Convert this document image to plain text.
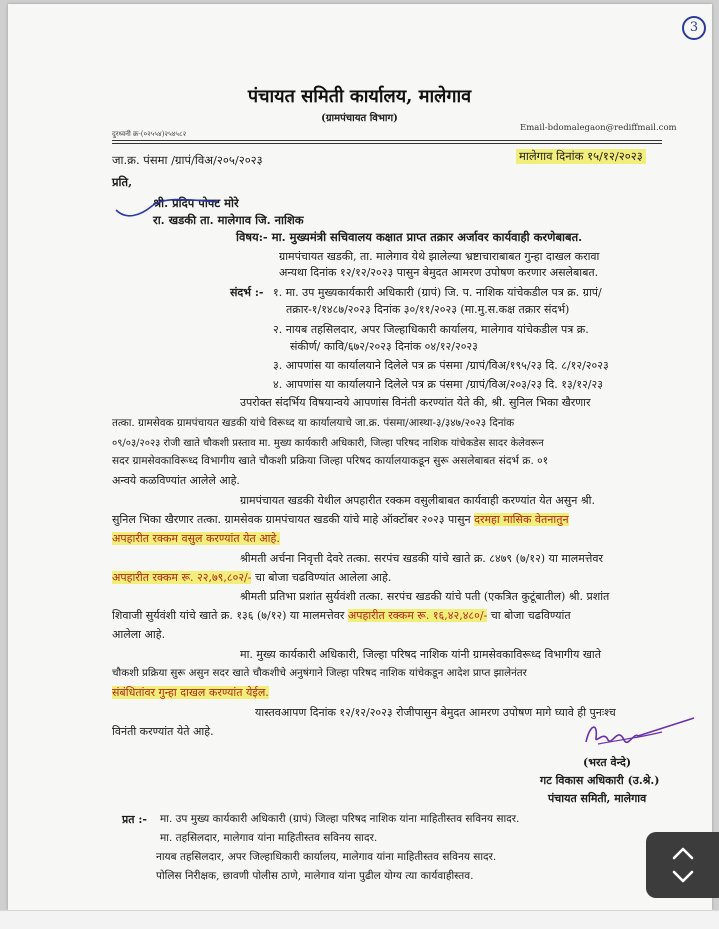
3
पंचायत समिती कार्यालय, मालेगाव
(ग्रामपंचायत विभाग)
दुरध्वनी क्र-(०२५५४)२५४५८२
Email-bdomalegaon@rediffmail.com
जा.क्र. पंसमा /ग्रापं/विअ/२०५/२०२३	मालेगाव दिनांक १५/१२/२०२३
प्रति,
श्री. प्रदिप पोपट मोरे
रा. खडकी ता. मालेगाव जि. नाशिक
विषय:- मा. मुख्यमंत्री सचिवालय कक्षात प्राप्त तक्रार अर्जावर कार्यवाही करणेबाबत.
ग्रामपंचायत खडकी, ता. मालेगाव येथे झालेल्या भ्रष्टाचाराबाबत गुन्हा दाखल करावा
अन्यथा दिनांक १२/१२/२०२३ पासुन बेमुदत आमरण उपोषण करणार असलेबाबत.
संदर्भ :- १. मा. उप मुख्यकार्यकारी अधिकारी (ग्रापं) जि. प. नाशिक यांचेकडील पत्र क्र. ग्रापं/
तक्रार-१/१४८७/२०२३ दिनांक ३०/११/२०२३ (मा.मु.स.कक्ष तक्रार संदर्भ)
२. नायब तहसिलदार, अपर जिल्हाधिकारी कार्यालय, मालेगाव यांचेकडील पत्र क्र.
संकीर्ण/ कावि/६७२/२०२३ दिनांक ०४/१२/२०२३
३. आपणांस या कार्यालयाने दिलेले पत्र क्र पंसमा /ग्रापं/विअ/१९५/२३ दि. ८/१२/२०२३
४. आपणांस या कार्यालयाने दिलेले पत्र क्र पंसमा /ग्रापं/विअ/२०३/२३ दि. १३/१२/२३
उपरोक्त संदर्भिय विषयान्वये आपणांस विनंती करण्यांत येते की, श्री. सुनिल भिका खैरणार
तत्का. ग्रामसेवक ग्रामपंचायत खडकी यांचे विरूध्द या कार्यालयाचे जा.क्र. पंसमा/आस्था-३/३४७/२०२३ दिनांक
०९/०३/२०२३ रोजी खाते चौकशी प्रस्ताव मा. मुख्य कार्यकारी अधिकारी, जिल्हा परिषद नाशिक यांचेकडेस सादर केलेवरून
सदर ग्रामसेवकाविरूध्द विभागीय खाते चौकशी प्रक्रिया जिल्हा परिषद कार्यालयाकडून सुरू असलेबाबत संदर्भ क्र. ०१
अन्वये कळविण्यांत आलेले आहे.
ग्रामपंचायत खडकी येथील अपहारीत रक्कम वसुलीबाबत कार्यवाही करण्यांत येत असुन श्री.
सुनिल भिका खैरणार तत्का. ग्रामसेवक ग्रामपंचायत खडकी यांचे माहे ऑक्टोंबर २०२३ पासुन दरमहा मासिक वेतनातुन
अपहारीत रक्कम वसुल करण्यांत येत आहे.
श्रीमती अर्चना निवृत्ती देवरे तत्का. सरपंच खडकी यांचे खाते क्र. ८४७९ (७/१२) या मालमत्तेवर
अपहारीत रक्कम रू. २२,७९,८०२/- चा बोजा चढविण्यांत आलेला आहे.
श्रीमती प्रतिभा प्रशांत सुर्यवंशी तत्का. सरपंच खडकी यांचे पती (एकत्रित कुटूंबातील) श्री. प्रशांत
शिवाजी सुर्यवंशी यांचे खाते क्र. १३६ (७/१२) या मालमत्तेवर अपहारीत रक्कम रू. १६,४२,४८०/- चा बोजा चढविण्यांत
आलेला आहे.
मा. मुख्य कार्यकारी अधिकारी, जिल्हा परिषद नाशिक यांनी ग्रामसेवकाविरूध्द विभागीय खाते
चौकशी प्रक्रिया सुरू असुन सदर खाते चौकशीचे अनुषंगाने जिल्हा परिषद नाशिक यांचेकडून आदेश प्राप्त झालेनंतर
संबंधितांवर गुन्हा दाखल करण्यांत येईल.
यास्तवआपण दिनांक १२/१२/२०२३ रोजीपासुन बेमुदत आमरण उपोषण मागे घ्यावे ही पुनःश्च
विनंती करण्यांत येते आहे.
(भरत वेन्दे)
गट विकास अधिकारी (उ.श्रे.)
पंचायत समिती, मालेगाव
प्रत :- मा. उप मुख्य कार्यकारी अधिकारी (ग्रापं) जिल्हा परिषद नाशिक यांना माहितीस्तव सविनय सादर.
मा. तहसिलदार, मालेगाव यांना माहितीस्तव सविनय सादर.
नायब तहसिलदार, अपर जिल्हाधिकारी कार्यालय, मालेगाव यांना माहितीस्तव सविनय सादर.
पोलिस निरीक्षक, छावणी पोलीस ठाणे, मालेगाव यांना पुढील योग्य त्या कार्यवाहीस्तव.
